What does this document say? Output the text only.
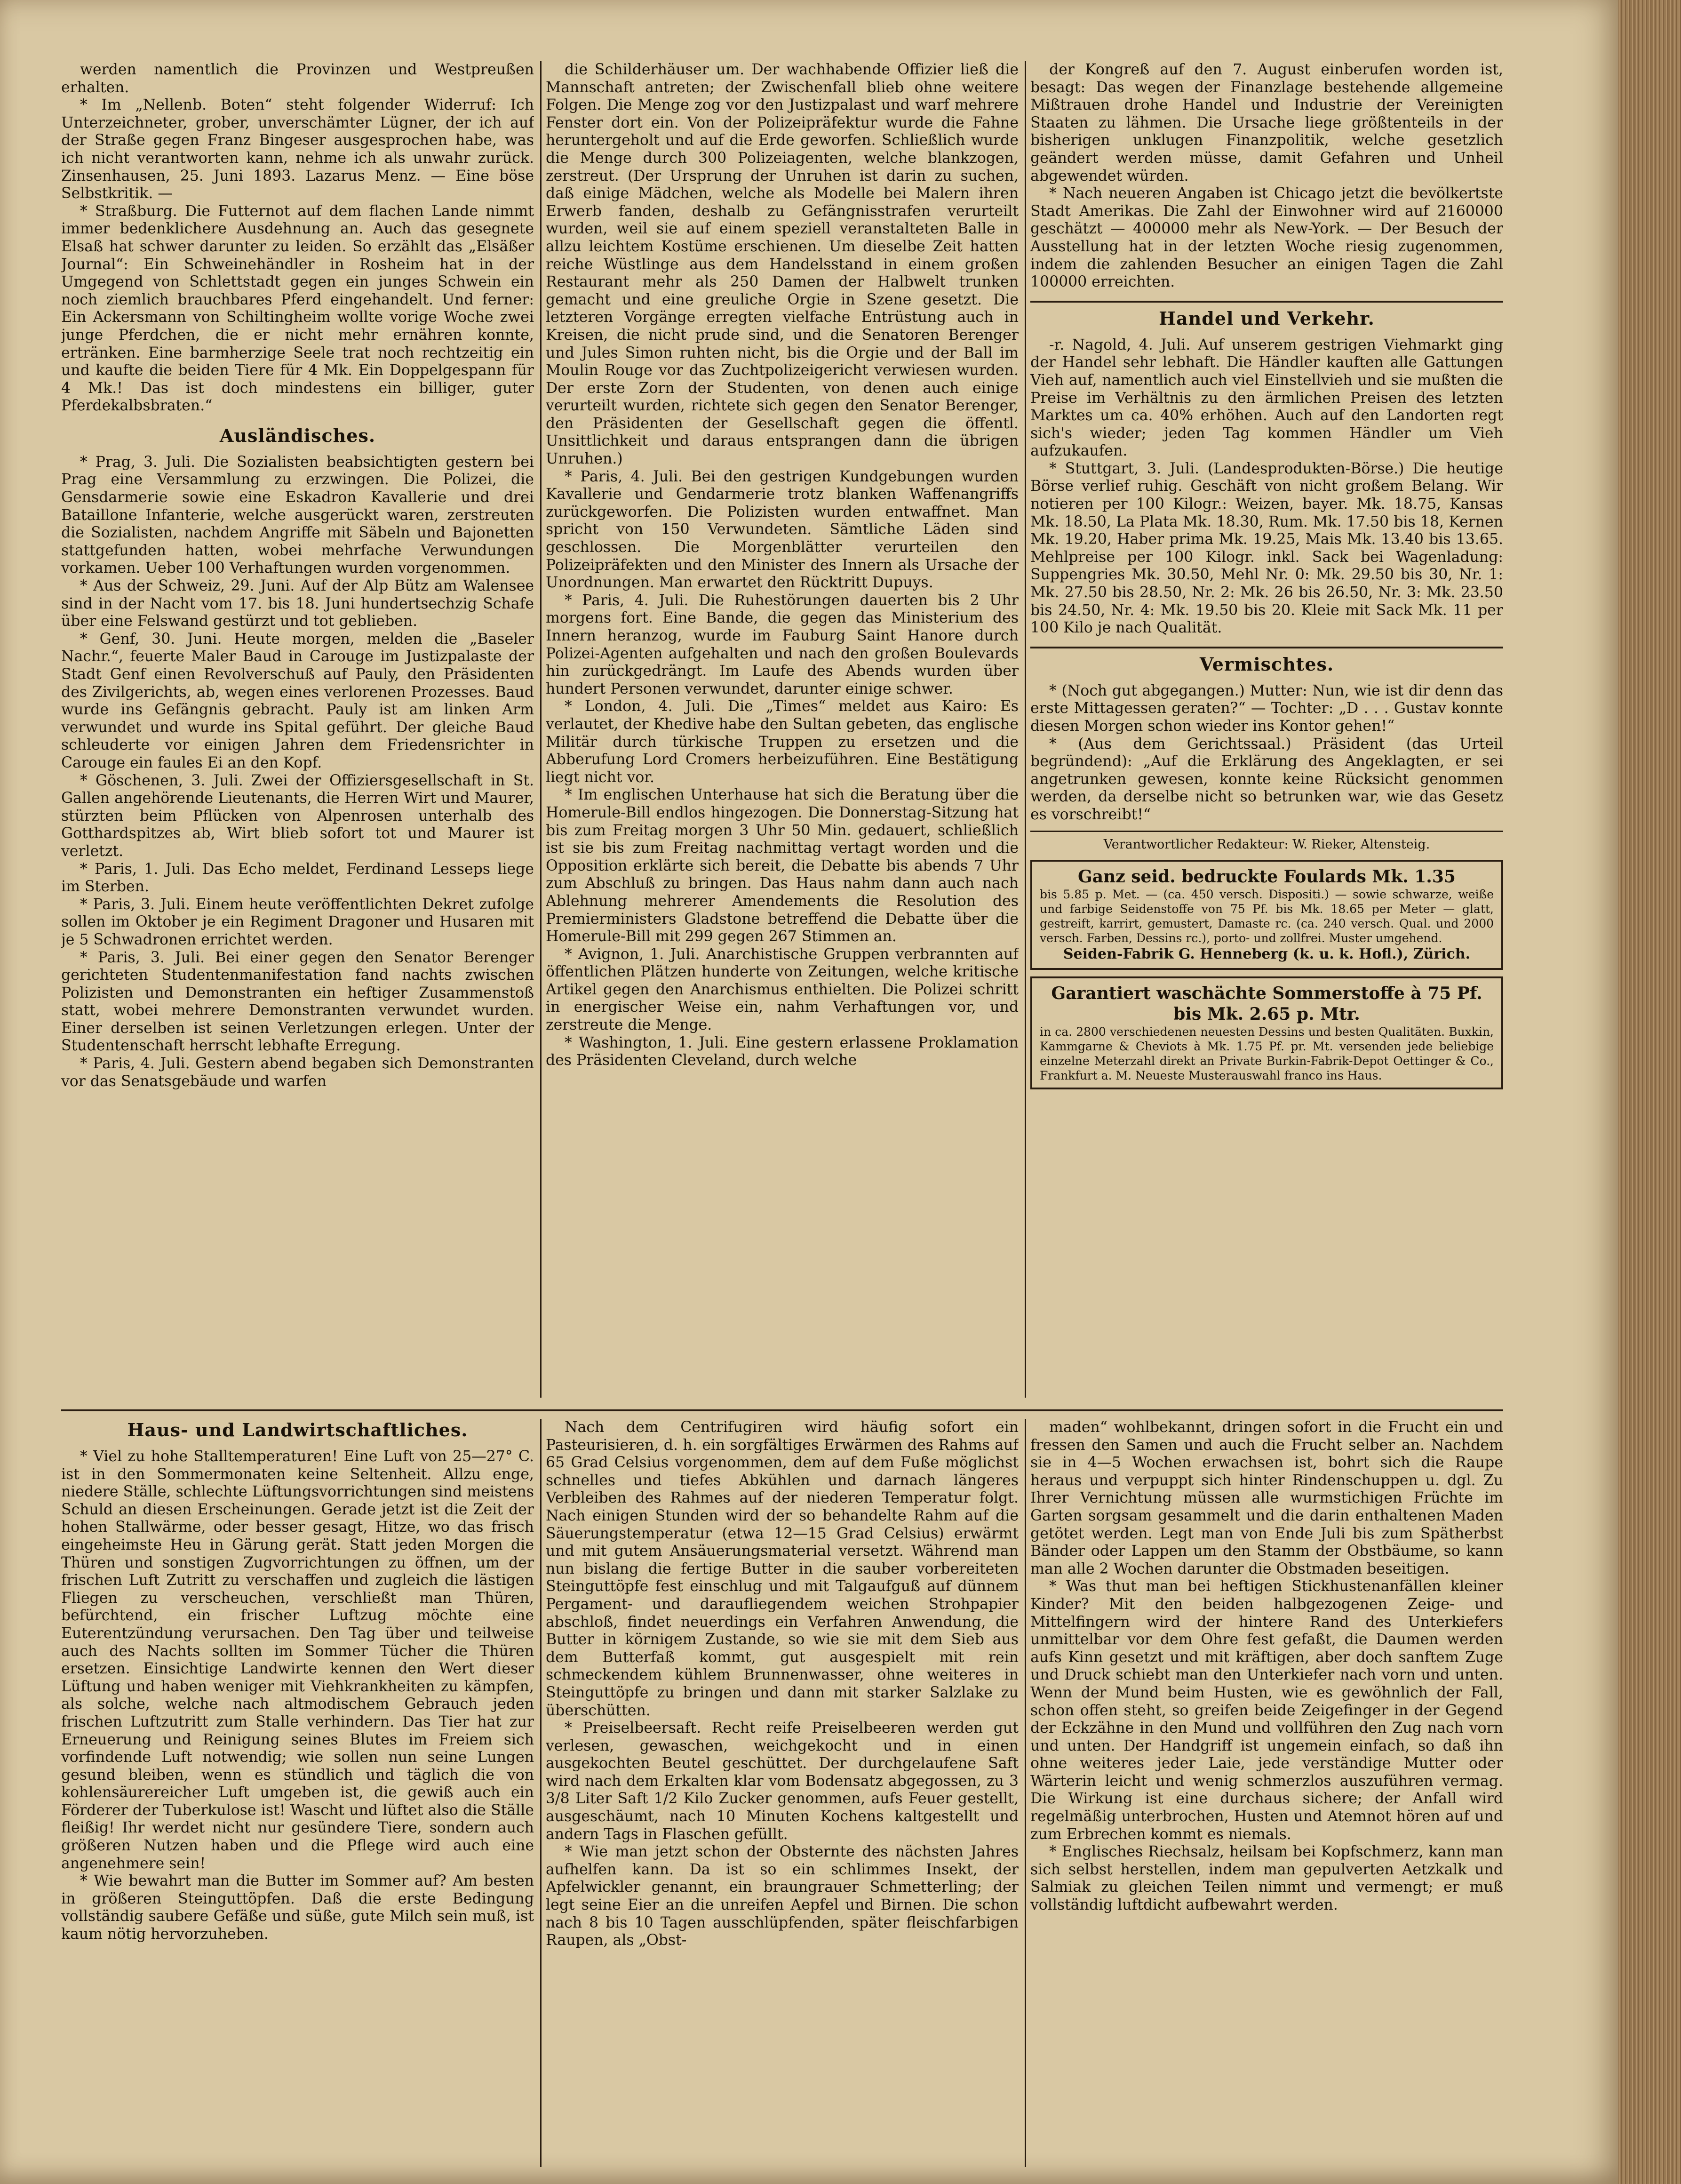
werden namentlich die Provinzen und Westpreußen erhalten.

* Im „Nellenb. Boten“ steht folgender Widerruf: Ich Unterzeichneter, grober, unverschämter Lügner, der ich auf der Straße gegen Franz Bingeser ausgesprochen habe, was ich nicht verantworten kann, nehme ich als unwahr zurück. Zinsenhausen, 25. Juni 1893. Lazarus Menz. — Eine böse Selbstkritik. —

* Straßburg. Die Futternot auf dem flachen Lande nimmt immer bedenklichere Ausdehnung an. Auch das gesegnete Elsaß hat schwer darunter zu leiden. So erzählt das „Elsäßer Journal“: Ein Schweinehändler in Rosheim hat in der Umgegend von Schlettstadt gegen ein junges Schwein ein noch ziemlich brauchbares Pferd eingehandelt. Und ferner: Ein Ackersmann von Schiltingheim wollte vorige Woche zwei junge Pferdchen, die er nicht mehr ernähren konnte, ertränken. Eine barmherzige Seele trat noch rechtzeitig ein und kaufte die beiden Tiere für 4 Mk. Ein Doppelgespann für 4 Mk.! Das ist doch mindestens ein billiger, guter Pferdekalbsbraten.“

Ausländisches.

* Prag, 3. Juli. Die Sozialisten beabsichtigten gestern bei Prag eine Versammlung zu erzwingen. Die Polizei, die Gensdarmerie sowie eine Eskadron Kavallerie und drei Bataillone Infanterie, welche ausgerückt waren, zerstreuten die Sozialisten, nachdem Angriffe mit Säbeln und Bajonetten stattgefunden hatten, wobei mehrfache Verwundungen vorkamen. Ueber 100 Verhaftungen wurden vorgenommen.

* Aus der Schweiz, 29. Juni. Auf der Alp Bütz am Walensee sind in der Nacht vom 17. bis 18. Juni hundertsechzig Schafe über eine Felswand gestürzt und tot geblieben.

* Genf, 30. Juni. Heute morgen, melden die „Baseler Nachr.“, feuerte Maler Baud in Carouge im Justizpalaste der Stadt Genf einen Revolverschuß auf Pauly, den Präsidenten des Zivilgerichts, ab, wegen eines verlorenen Prozesses. Baud wurde ins Gefängnis gebracht. Pauly ist am linken Arm verwundet und wurde ins Spital geführt. Der gleiche Baud schleuderte vor einigen Jahren dem Friedensrichter in Carouge ein faules Ei an den Kopf.

* Göschenen, 3. Juli. Zwei der Offiziersgesellschaft in St. Gallen angehörende Lieutenants, die Herren Wirt und Maurer, stürzten beim Pflücken von Alpenrosen unterhalb des Gotthardspitzes ab, Wirt blieb sofort tot und Maurer ist verletzt.

* Paris, 1. Juli. Das Echo meldet, Ferdinand Lesseps liege im Sterben.

* Paris, 3. Juli. Einem heute veröffentlichten Dekret zufolge sollen im Oktober je ein Regiment Dragoner und Husaren mit je 5 Schwadronen errichtet werden.

* Paris, 3. Juli. Bei einer gegen den Senator Berenger gerichteten Studentenmanifestation fand nachts zwischen Polizisten und Demonstranten ein heftiger Zusammenstoß statt, wobei mehrere Demonstranten verwundet wurden. Einer derselben ist seinen Verletzungen erlegen. Unter der Studentenschaft herrscht lebhafte Erregung.

* Paris, 4. Juli. Gestern abend begaben sich Demonstranten vor das Senatsgebäude und warfen

die Schilderhäuser um. Der wachhabende Offizier ließ die Mannschaft antreten; der Zwischenfall blieb ohne weitere Folgen. Die Menge zog vor den Justizpalast und warf mehrere Fenster dort ein. Von der Polizeipräfektur wurde die Fahne heruntergeholt und auf die Erde geworfen. Schließlich wurde die Menge durch 300 Polizeiagenten, welche blankzogen, zerstreut. (Der Ursprung der Unruhen ist darin zu suchen, daß einige Mädchen, welche als Modelle bei Malern ihren Erwerb fanden, deshalb zu Gefängnisstrafen verurteilt wurden, weil sie auf einem speziell veranstalteten Balle in allzu leichtem Kostüme erschienen. Um dieselbe Zeit hatten reiche Wüstlinge aus dem Handelsstand in einem großen Restaurant mehr als 250 Damen der Halbwelt trunken gemacht und eine greuliche Orgie in Szene gesetzt. Die letzteren Vorgänge erregten vielfache Entrüstung auch in Kreisen, die nicht prude sind, und die Senatoren Berenger und Jules Simon ruhten nicht, bis die Orgie und der Ball im Moulin Rouge vor das Zuchtpolizeigericht verwiesen wurden. Der erste Zorn der Studenten, von denen auch einige verurteilt wurden, richtete sich gegen den Senator Berenger, den Präsidenten der Gesellschaft gegen die öffentl. Unsittlichkeit und daraus entsprangen dann die übrigen Unruhen.)

* Paris, 4. Juli. Bei den gestrigen Kundgebungen wurden Kavallerie und Gendarmerie trotz blanken Waffenangriffs zurückgeworfen. Die Polizisten wurden entwaffnet. Man spricht von 150 Verwundeten. Sämtliche Läden sind geschlossen. Die Morgenblätter verurteilen den Polizeipräfekten und den Minister des Innern als Ursache der Unordnungen. Man erwartet den Rücktritt Dupuys.

* Paris, 4. Juli. Die Ruhestörungen dauerten bis 2 Uhr morgens fort. Eine Bande, die gegen das Ministerium des Innern heranzog, wurde im Fauburg Saint Hanore durch Polizei-Agenten aufgehalten und nach den großen Boulevards hin zurückgedrängt. Im Laufe des Abends wurden über hundert Personen verwundet, darunter einige schwer.

* London, 4. Juli. Die „Times“ meldet aus Kairo: Es verlautet, der Khedive habe den Sultan gebeten, das englische Militär durch türkische Truppen zu ersetzen und die Abberufung Lord Cromers herbeizuführen. Eine Bestätigung liegt nicht vor.

* Im englischen Unterhause hat sich die Beratung über die Homerule-Bill endlos hingezogen. Die Donnerstag-Sitzung hat bis zum Freitag morgen 3 Uhr 50 Min. gedauert, schließlich ist sie bis zum Freitag nachmittag vertagt worden und die Opposition erklärte sich bereit, die Debatte bis abends 7 Uhr zum Abschluß zu bringen. Das Haus nahm dann auch nach Ablehnung mehrerer Amendements die Resolution des Premierministers Gladstone betreffend die Debatte über die Homerule-Bill mit 299 gegen 267 Stimmen an.

* Avignon, 1. Juli. Anarchistische Gruppen verbrannten auf öffentlichen Plätzen hunderte von Zeitungen, welche kritische Artikel gegen den Anarchismus enthielten. Die Polizei schritt in energischer Weise ein, nahm Verhaftungen vor, und zerstreute die Menge.

* Washington, 1. Juli. Eine gestern erlassene Proklamation des Präsidenten Cleveland, durch welche

der Kongreß auf den 7. August einberufen worden ist, besagt: Das wegen der Finanzlage bestehende allgemeine Mißtrauen drohe Handel und Industrie der Vereinigten Staaten zu lähmen. Die Ursache liege größtenteils in der bisherigen unklugen Finanzpolitik, welche gesetzlich geändert werden müsse, damit Gefahren und Unheil abgewendet würden.

* Nach neueren Angaben ist Chicago jetzt die bevölkertste Stadt Amerikas. Die Zahl der Einwohner wird auf 2160000 geschätzt — 400000 mehr als New-York. — Der Besuch der Ausstellung hat in der letzten Woche riesig zugenommen, indem die zahlenden Besucher an einigen Tagen die Zahl 100000 erreichten.

Handel und Verkehr.

-r. Nagold, 4. Juli. Auf unserem gestrigen Viehmarkt ging der Handel sehr lebhaft. Die Händler kauften alle Gattungen Vieh auf, namentlich auch viel Einstellvieh und sie mußten die Preise im Verhältnis zu den ärmlichen Preisen des letzten Marktes um ca. 40% erhöhen. Auch auf den Landorten regt sich's wieder; jeden Tag kommen Händler um Vieh aufzukaufen.

* Stuttgart, 3. Juli. (Landesprodukten-Börse.) Die heutige Börse verlief ruhig. Geschäft von nicht großem Belang. Wir notieren per 100 Kilogr.: Weizen, bayer. Mk. 18.75, Kansas Mk. 18.50, La Plata Mk. 18.30, Rum. Mk. 17.50 bis 18, Kernen Mk. 19.20, Haber prima Mk. 19.25, Mais Mk. 13.40 bis 13.65. Mehlpreise per 100 Kilogr. inkl. Sack bei Wagenladung: Suppengries Mk. 30.50, Mehl Nr. 0: Mk. 29.50 bis 30, Nr. 1: Mk. 27.50 bis 28.50, Nr. 2: Mk. 26 bis 26.50, Nr. 3: Mk. 23.50 bis 24.50, Nr. 4: Mk. 19.50 bis 20. Kleie mit Sack Mk. 11 per 100 Kilo je nach Qualität.

Vermischtes.

* (Noch gut abgegangen.) Mutter: Nun, wie ist dir denn das erste Mittagessen geraten?“ — Tochter: „D . . . Gustav konnte diesen Morgen schon wieder ins Kontor gehen!“

* (Aus dem Gerichtssaal.) Präsident (das Urteil begründend): „Auf die Erklärung des Angeklagten, er sei angetrunken gewesen, konnte keine Rücksicht genommen werden, da derselbe nicht so betrunken war, wie das Gesetz es vorschreibt!“

Verantwortlicher Redakteur: W. Rieker, Altensteig.
Ganz seid. bedruckte Foulards Mk. 1.35
bis 5.85 p. Met. — (ca. 450 versch. Dispositi.) — sowie schwarze, weiße und farbige Seidenstoffe von 75 Pf. bis Mk. 18.65 per Meter — glatt, gestreift, karrirt, gemustert, Damaste rc. (ca. 240 versch. Qual. und 2000 versch. Farben, Dessins rc.), porto- und zollfrei. Muster umgehend.
Seiden-Fabrik G. Henneberg (k. u. k. Hofl.), Zürich.
Garantiert waschächte Sommerstoffe à 75 Pf. bis Mk. 2.65 p. Mtr.
in ca. 2800 verschiedenen neuesten Dessins und besten Qualitäten. Buxkin, Kammgarne & Cheviots à Mk. 1.75 Pf. pr. Mt. versenden jede beliebige einzelne Meterzahl direkt an Private Burkin-Fabrik-Depot Oettinger & Co., Frankfurt a. M. Neueste Musterauswahl franco ins Haus.
Haus- und Landwirtschaftliches.

* Viel zu hohe Stalltemperaturen! Eine Luft von 25—27° C. ist in den Sommermonaten keine Seltenheit. Allzu enge, niedere Ställe, schlechte Lüftungsvorrichtungen sind meistens Schuld an diesen Erscheinungen. Gerade jetzt ist die Zeit der hohen Stallwärme, oder besser gesagt, Hitze, wo das frisch eingeheimste Heu in Gärung gerät. Statt jeden Morgen die Thüren und sonstigen Zugvorrichtungen zu öffnen, um der frischen Luft Zutritt zu verschaffen und zugleich die lästigen Fliegen zu verscheuchen, verschließt man Thüren, befürchtend, ein frischer Luftzug möchte eine Euterentzündung verursachen. Den Tag über und teilweise auch des Nachts sollten im Sommer Tücher die Thüren ersetzen. Einsichtige Landwirte kennen den Wert dieser Lüftung und haben weniger mit Viehkrankheiten zu kämpfen, als solche, welche nach altmodischem Gebrauch jeden frischen Luftzutritt zum Stalle verhindern. Das Tier hat zur Erneuerung und Reinigung seines Blutes im Freiem sich vorfindende Luft notwendig; wie sollen nun seine Lungen gesund bleiben, wenn es stündlich und täglich die von kohlensäurereicher Luft umgeben ist, die gewiß auch ein Förderer der Tuberkulose ist! Wascht und lüftet also die Ställe fleißig! Ihr werdet nicht nur gesündere Tiere, sondern auch größeren Nutzen haben und die Pflege wird auch eine angenehmere sein!

* Wie bewahrt man die Butter im Sommer auf? Am besten in größeren Steinguttöpfen. Daß die erste Bedingung vollständig saubere Gefäße und süße, gute Milch sein muß, ist kaum nötig hervorzuheben.

Nach dem Centrifugiren wird häufig sofort ein Pasteurisieren, d. h. ein sorgfältiges Erwärmen des Rahms auf 65 Grad Celsius vorgenommen, dem auf dem Fuße möglichst schnelles und tiefes Abkühlen und darnach längeres Verbleiben des Rahmes auf der niederen Temperatur folgt. Nach einigen Stunden wird der so behandelte Rahm auf die Säuerungstemperatur (etwa 12—15 Grad Celsius) erwärmt und mit gutem Ansäuerungsmaterial versetzt. Während man nun bislang die fertige Butter in die sauber vorbereiteten Steinguttöpfe fest einschlug und mit Talgaufguß auf dünnem Pergament- und daraufliegendem weichen Strohpapier abschloß, findet neuerdings ein Verfahren Anwendung, die Butter in körnigem Zustande, so wie sie mit dem Sieb aus dem Butterfaß kommt, gut ausgespielt mit rein schmeckendem kühlem Brunnenwasser, ohne weiteres in Steinguttöpfe zu bringen und dann mit starker Salzlake zu überschütten.

* Preiselbeersaft. Recht reife Preiselbeeren werden gut verlesen, gewaschen, weichgekocht und in einen ausgekochten Beutel geschüttet. Der durchgelaufene Saft wird nach dem Erkalten klar vom Bodensatz abgegossen, zu 3 3/8 Liter Saft 1/2 Kilo Zucker genommen, aufs Feuer gestellt, ausgeschäumt, nach 10 Minuten Kochens kaltgestellt und andern Tags in Flaschen gefüllt.

* Wie man jetzt schon der Obsternte des nächsten Jahres aufhelfen kann. Da ist so ein schlimmes Insekt, der Apfelwickler genannt, ein braungrauer Schmetterling; der legt seine Eier an die unreifen Aepfel und Birnen. Die schon nach 8 bis 10 Tagen ausschlüpfenden, später fleischfarbigen Raupen, als „Obst-

maden“ wohlbekannt, dringen sofort in die Frucht ein und fressen den Samen und auch die Frucht selber an. Nachdem sie in 4—5 Wochen erwachsen ist, bohrt sich die Raupe heraus und verpuppt sich hinter Rindenschuppen u. dgl. Zu Ihrer Vernichtung müssen alle wurmstichigen Früchte im Garten sorgsam gesammelt und die darin enthaltenen Maden getötet werden. Legt man von Ende Juli bis zum Spätherbst Bänder oder Lappen um den Stamm der Obstbäume, so kann man alle 2 Wochen darunter die Obstmaden beseitigen.

* Was thut man bei heftigen Stickhustenanfällen kleiner Kinder? Mit den beiden halbgezogenen Zeige- und Mittelfingern wird der hintere Rand des Unterkiefers unmittelbar vor dem Ohre fest gefaßt, die Daumen werden aufs Kinn gesetzt und mit kräftigen, aber doch sanftem Zuge und Druck schiebt man den Unterkiefer nach vorn und unten. Wenn der Mund beim Husten, wie es gewöhnlich der Fall, schon offen steht, so greifen beide Zeigefinger in der Gegend der Eckzähne in den Mund und vollführen den Zug nach vorn und unten. Der Handgriff ist ungemein einfach, so daß ihn ohne weiteres jeder Laie, jede verständige Mutter oder Wärterin leicht und wenig schmerzlos auszuführen vermag. Die Wirkung ist eine durchaus sichere; der Anfall wird regelmäßig unterbrochen, Husten und Atemnot hören auf und zum Erbrechen kommt es niemals.

* Englisches Riechsalz, heilsam bei Kopfschmerz, kann man sich selbst herstellen, indem man gepulverten Aetzkalk und Salmiak zu gleichen Teilen nimmt und vermengt; er muß vollständig luftdicht aufbewahrt werden.
